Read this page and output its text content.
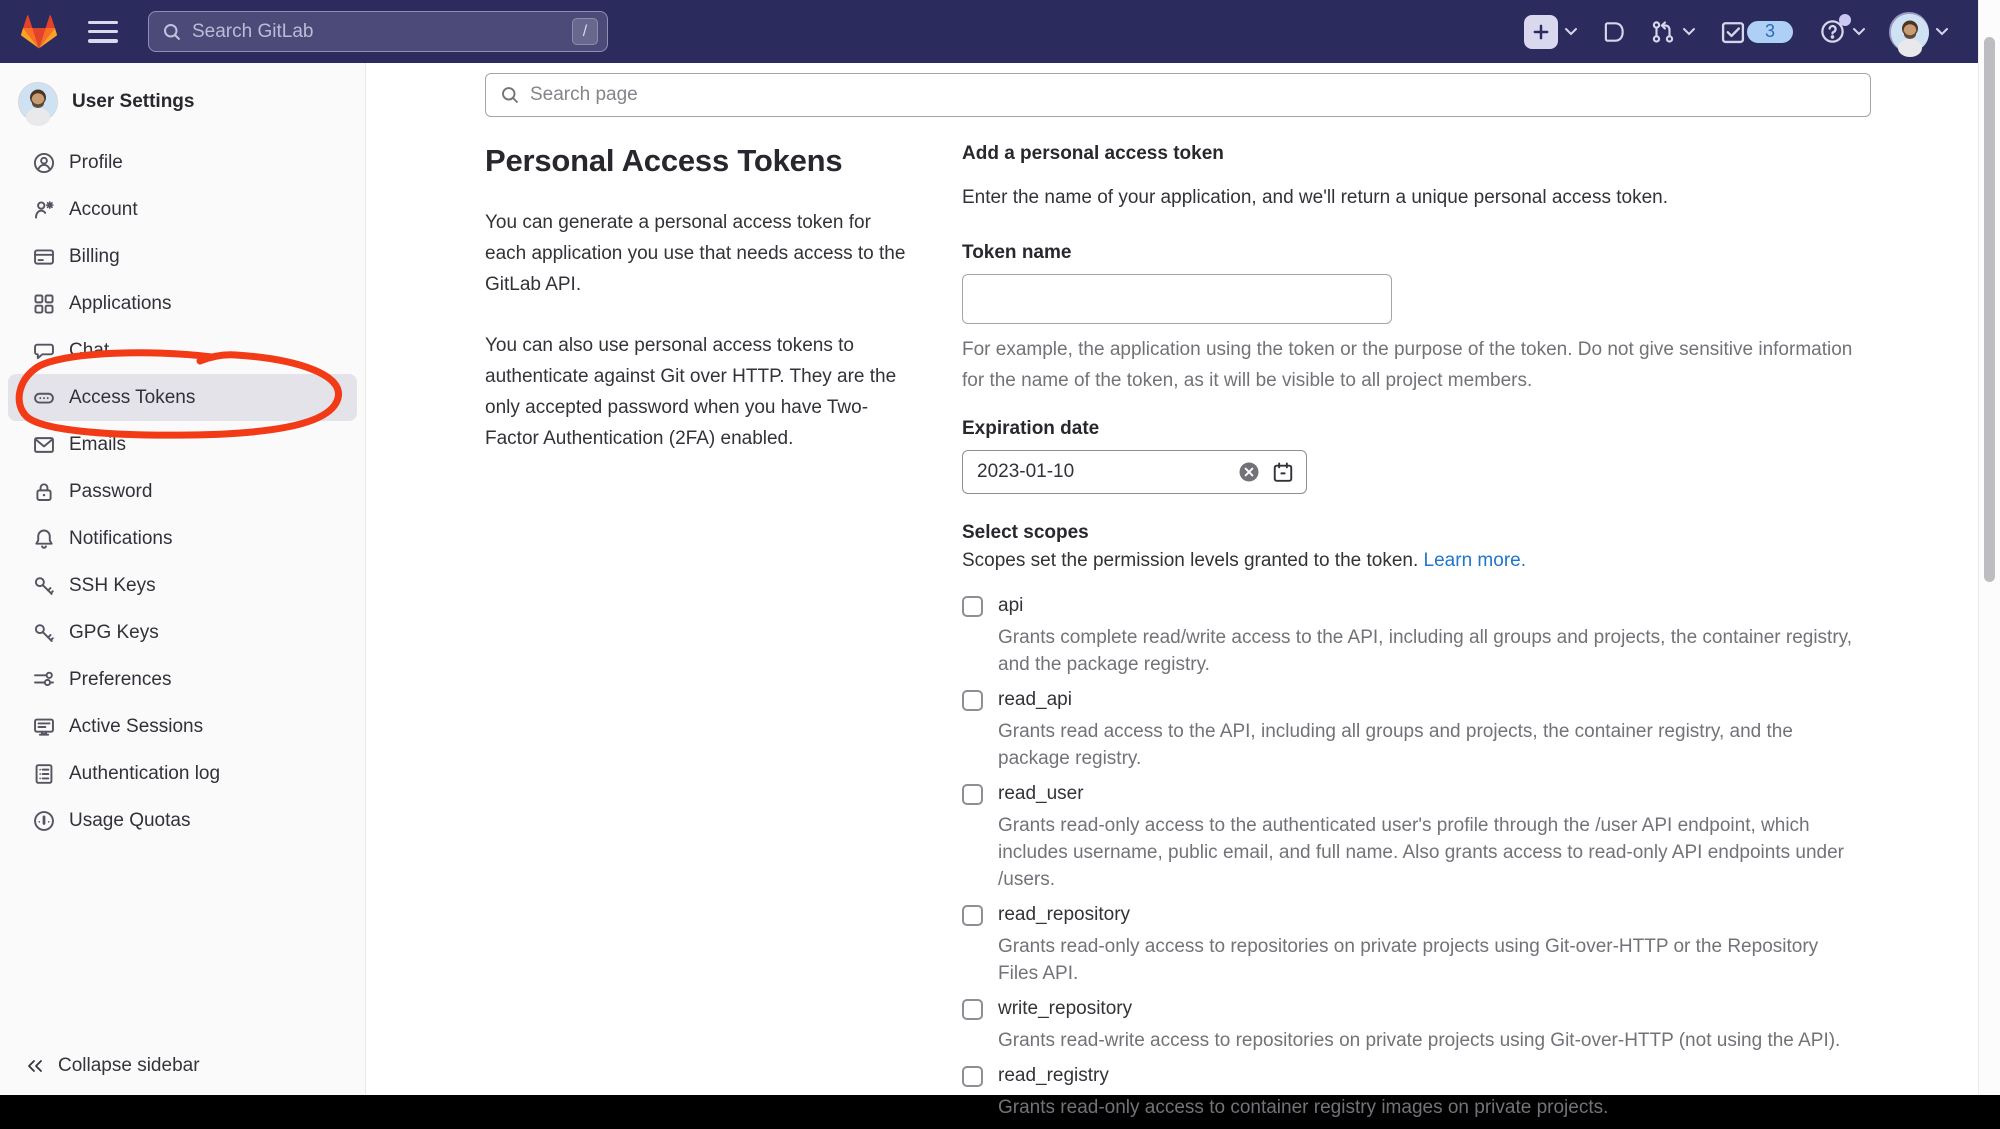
Search GitLab
/	3
User Settings
Profile
Account
Billing
Applications
Chat
Access Tokens
Emails
Password
Notifications
SSH Keys
GPG Keys
Preferences
Active Sessions
Authentication log
Usage Quotas
Collapse sidebar
Search page
Personal Access Tokens

You can generate a personal access token for each application you use that needs access to the GitLab API.

You can also use personal access tokens to authenticate against Git over HTTP. They are the only accepted password when you have Two-Factor Authentication (2FA) enabled.

Add a personal access token

Enter the name of your application, and we'll return a unique personal access token.

Token name

For example, the application using the token or the purpose of the token. Do not give sensitive information for the name of the token, as it will be visible to all project members.

Expiration date
2023-01-10
Select scopes

Scopes set the permission levels granted to the token. Learn more.

api
Grants complete read/write access to the API, including all groups and projects, the container registry, and the package registry.
read_api
Grants read access to the API, including all groups and projects, the container registry, and the package registry.
read_user
Grants read-only access to the authenticated user's profile through the /user API endpoint, which includes username, public email, and full name. Also grants access to read-only API endpoints under /users.
read_repository
Grants read-only access to repositories on private projects using Git-over-HTTP or the Repository Files API.
write_repository
Grants read-write access to repositories on private projects using Git-over-HTTP (not using the API).
read_registry
Grants read-only access to container registry images on private projects.
